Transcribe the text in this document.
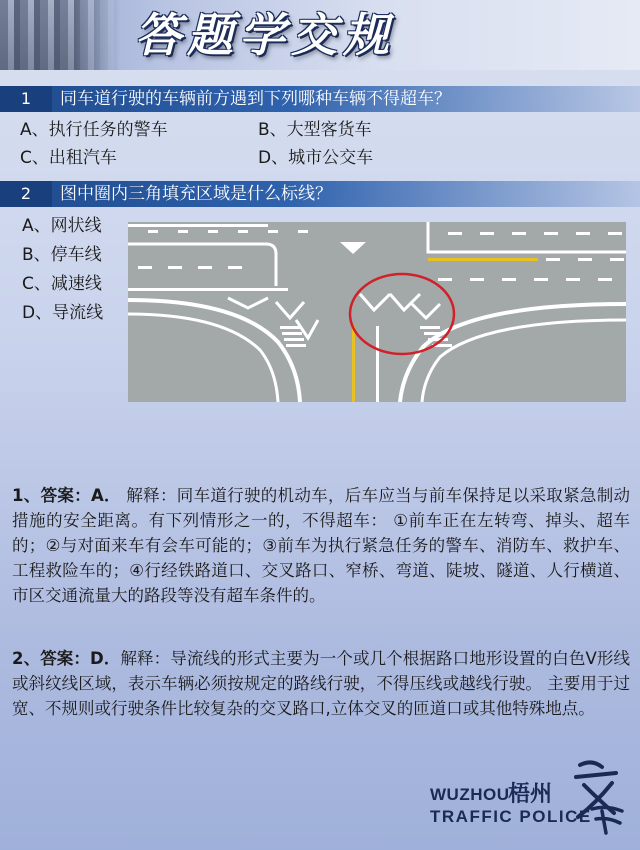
答题学交规
1	同车道行驶的车辆前方遇到下列哪种车辆不得超车？
A、执行任务的警车	B、大型客货车
C、出租汽车	D、城市公交车
2	图中圈内三角填充区域是什么标线？
A、网状线
B、停车线
C、减速线
D、导流线
1、答案：A． 解释：同车道行驶的机动车，后车应当与前车保持足以采取紧急制动措施的安全距离。有下列情形之一的，不得超车： ①前车正在左转弯、掉头、超车的；②与对面来车有会车可能的；③前车为执行紧急任务的警车、消防车、救护车、工程救险车的；④行经铁路道口、交叉路口、窄桥、弯道、陡坡、隧道、人行横道、市区交通流量大的路段等没有超车条件的。
2、答案：D．解释：导流线的形式主要为一个或几个根据路口地形设置的白色V形线或斜纹线区域，表示车辆必须按规定的路线行驶，不得压线或越线行驶。 主要用于过宽、不规则或行驶条件比较复杂的交叉路口,立体交叉的匝道口或其他特殊地点。
WUZHOU
梧州
TRAFFIC POLICE
